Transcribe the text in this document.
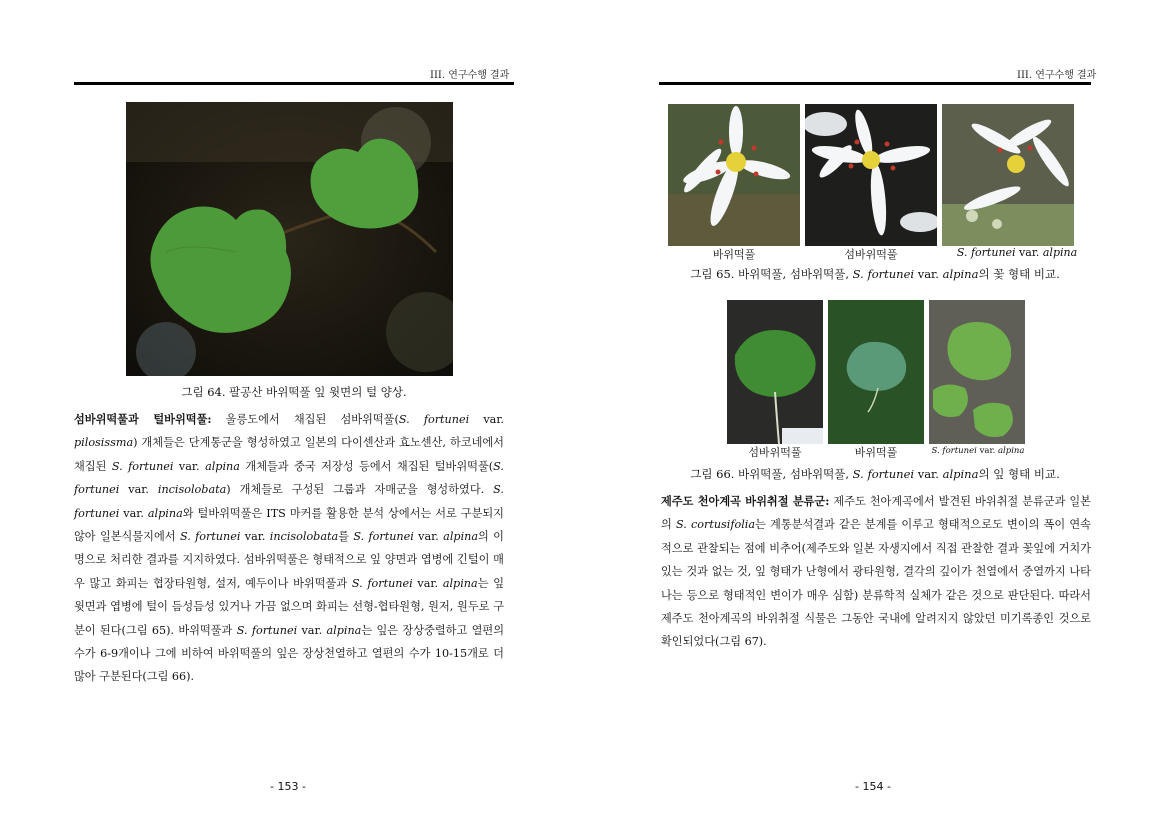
III. 연구수행 결과
그림 64. 팔공산 바위떡풀 잎 윗면의 털 양상.
섬바위떡풀과 털바위떡풀: 울릉도에서 채집된 섬바위떡풀(S. fortunei var. pilosissma) 개체들은 단계통군을 형성하였고 일본의 다이센산과 효노센산, 하코네에서 채집된 S. fortunei var. alpina 개체들과 중국 저장성 등에서 채집된 털바위떡풀(S. fortunei var. incisolobata) 개체들로 구성된 그룹과 자매군을 형성하였다. S. fortunei var. alpina와 털바위떡풀은 ITS 마커를 활용한 분석 상에서는 서로 구분되지 않아 일본식물지에서 S. fortunei var. incisolobata를 S. fortunei var. alpina의 이명으로 처리한 결과를 지지하였다. 섬바위떡풀은 형태적으로 잎 양면과 엽병에 긴털이 매우 많고 화피는 협장타원형, 설저, 예두이나 바위떡풀과 S. fortunei var. alpina는 잎 윗면과 엽병에 털이 듬성듬성 있거나 가끔 없으며 화피는 선형-협타원형, 원저, 원두로 구분이 된다(그림 65). 바위떡풀과 S. fortunei var. alpina는 잎은 장상중렬하고 열편의 수가 6-9개이나 그에 비하여 바위떡풀의 잎은 장상천열하고 열편의 수가 10-15개로 더 많아 구분된다(그림 66).
- 153 -
III. 연구수행 결과
바위떡풀	섬바위떡풀	S. fortunei var. alpina
그림 65. 바위떡풀, 섬바위떡풀, S. fortunei var. alpina의 꽃 형태 비교.
섬바위떡풀	바위떡풀	S. fortunei var. alpina
그림 66. 바위떡풀, 섬바위떡풀, S. fortunei var. alpina의 잎 형태 비교.
제주도 천아계곡 바위취절 분류군: 제주도 천아계곡에서 발견된 바위취절 분류군과 일본의 S. cortusifolia는 계통분석결과 같은 분계를 이루고 형태적으로도 변이의 폭이 연속적으로 관찰되는 점에 비추어(제주도와 일본 자생지에서 직접 관찰한 결과 꽃잎에 거치가 있는 것과 없는 것, 잎 형태가 난형에서 광타원형, 결각의 깊이가 천열에서 중열까지 나타나는 등으로 형태적인 변이가 매우 심함) 분류학적 실체가 같은 것으로 판단된다. 따라서 제주도 천아계곡의 바위취절 식물은 그동안 국내에 알려지지 않았던 미기록종인 것으로 확인되었다(그림 67).
- 154 -
